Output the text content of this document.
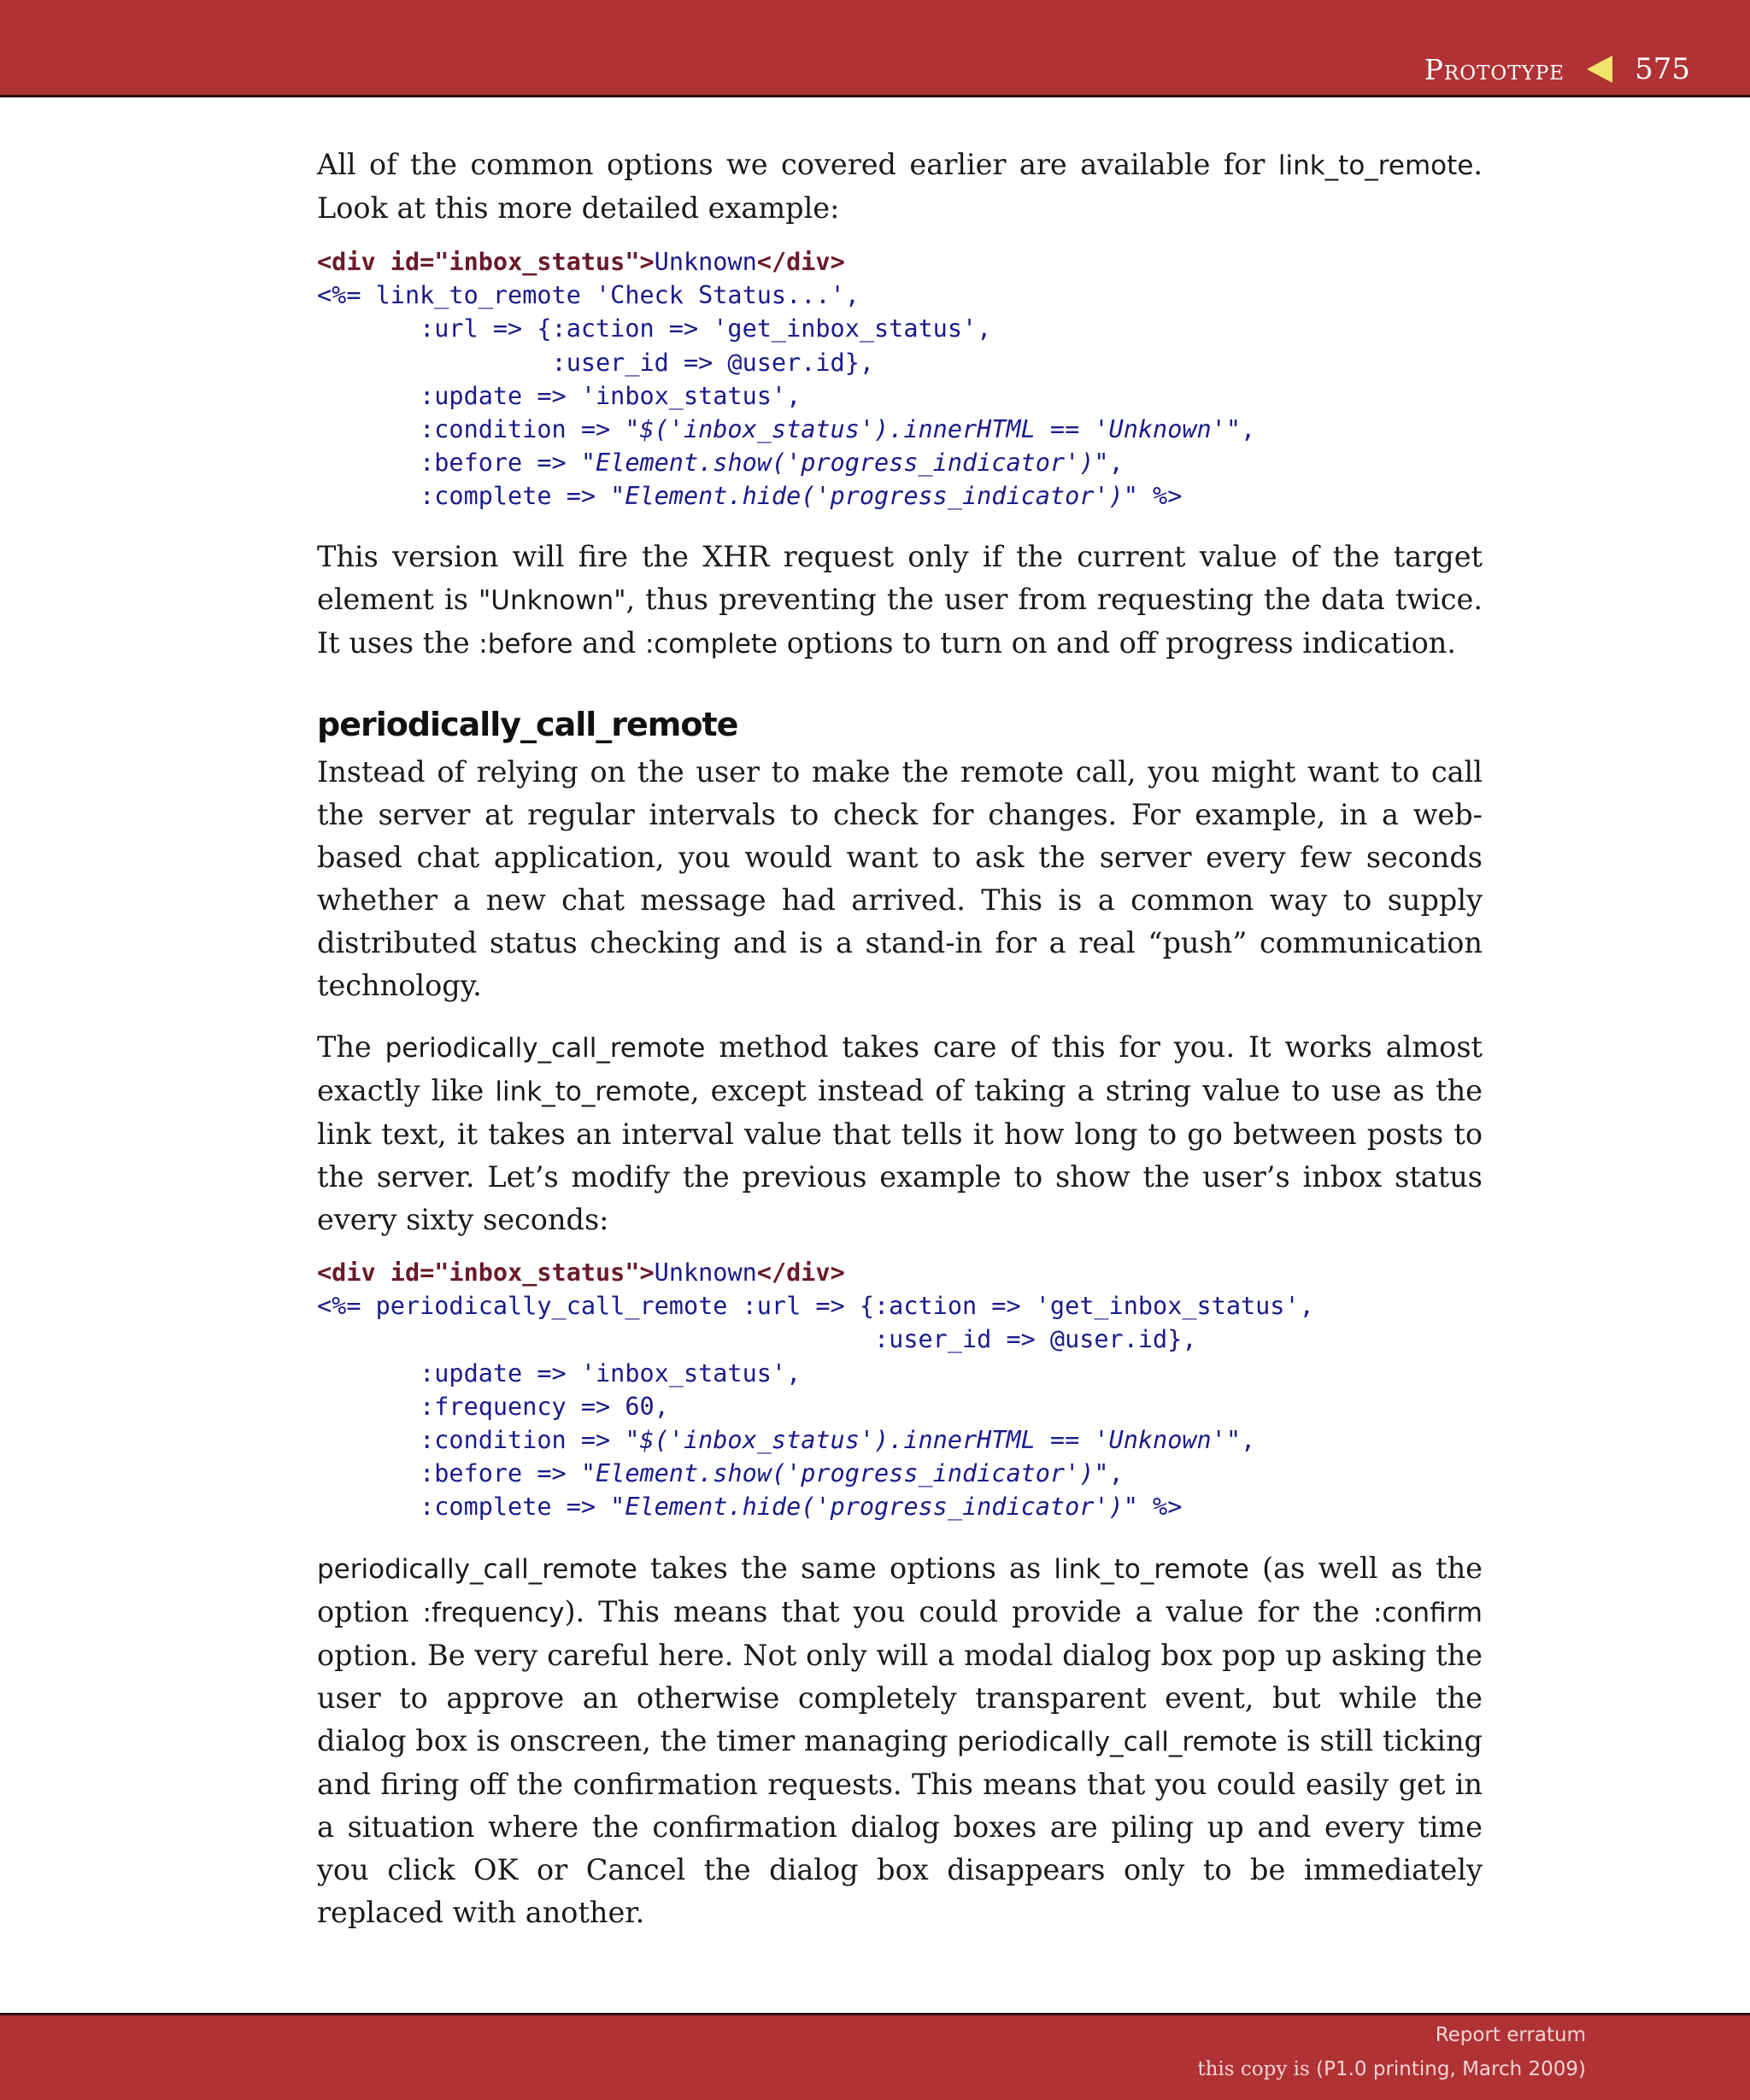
Prototype 575

All of the common options we covered earlier are available for link_to_remote. Look at this more detailed example:

<div id="inbox_status">Unknown</div>
<%= link_to_remote 'Check Status...',
:url => {:action => 'get_inbox_status',
:user_id => @user.id},
:update => 'inbox_status',
:condition => "$('inbox_status').innerHTML == 'Unknown'",
:before => "Element.show('progress_indicator')",
:complete => "Element.hide('progress_indicator')" %>

This version will fire the XHR request only if the current value of the target element is "Unknown", thus preventing the user from requesting the data twice. It uses the :before and :complete options to turn on and off progress indication.

periodically_call_remote

Instead of relying on the user to make the remote call, you might want to call the server at regular intervals to check for changes. For example, in a web-based chat application, you would want to ask the server every few seconds whether a new chat message had arrived. This is a common way to supply distributed status checking and is a stand-in for a real “push” communication technology.

The periodically_call_remote method takes care of this for you. It works almost exactly like link_to_remote, except instead of taking a string value to use as the link text, it takes an interval value that tells it how long to go between posts to the server. Let’s modify the previous example to show the user’s inbox status every sixty seconds:

<div id="inbox_status">Unknown</div>
<%= periodically_call_remote :url => {:action => 'get_inbox_status',
:user_id => @user.id},
:update => 'inbox_status',
:frequency => 60,
:condition => "$('inbox_status').innerHTML == 'Unknown'",
:before => "Element.show('progress_indicator')",
:complete => "Element.hide('progress_indicator')" %>

periodically_call_remote takes the same options as link_to_remote (as well as the option :frequency). This means that you could provide a value for the :confirm option. Be very careful here. Not only will a modal dialog box pop up asking the user to approve an otherwise completely transparent event, but while the dialog box is onscreen, the timer managing periodically_call_remote is still ticking and firing off the confirmation requests. This means that you could easily get in a situation where the confirmation dialog boxes are piling up and every time you click OK or Cancel the dialog box disappears only to be immediately replaced with another.

Report erratum
this copy is (P1.0 printing, March 2009)
